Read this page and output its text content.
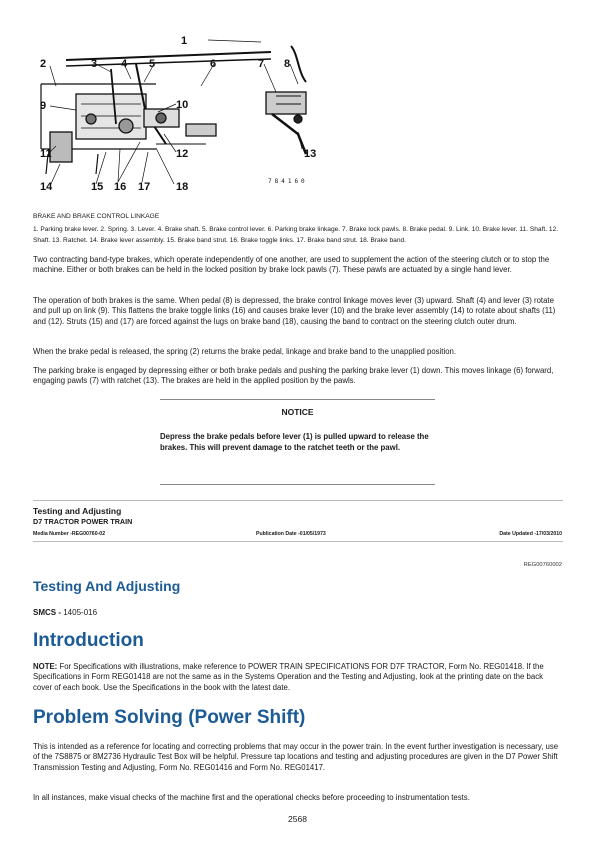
1
2	3 4 5	6	7 8
9	10
11	12	13
14	15 16 17 18	784160
BRAKE AND BRAKE CONTROL LINKAGE
1. Parking brake lever. 2. Spring. 3. Lever. 4. Brake shaft. 5. Brake control lever. 6. Parking brake linkage. 7. Brake lock pawls. 8. Brake pedal. 9. Link. 10. Brake lever. 11. Shaft. 12. Shaft. 13. Ratchet. 14. Brake lever assembly. 15. Brake band strut. 16. Brake toggle links. 17. Brake band strut. 18. Brake band.

Two contracting band-type brakes, which operate independently of one another, are used to supplement the action of the steering clutch or to stop the machine. Either or both brakes can be held in the locked position by brake lock pawls (7). These pawls are actuated by a single hand lever.

The operation of both brakes is the same. When pedal (8) is depressed, the brake control linkage moves lever (3) upward. Shaft (4) and lever (3) rotate and pull up on link (9). This flattens the brake toggle links (16) and causes brake lever (10) and the brake lever assembly (14) to rotate about shafts (11) and (12). Struts (15) and (17) are forced against the lugs on brake band (18), causing the band to contract on the steering clutch outer drum.

When the brake pedal is released, the spring (2) returns the brake pedal, linkage and brake band to the unapplied position.

The parking brake is engaged by depressing either or both brake pedals and pushing the parking brake lever (1) down. This moves linkage (6) forward, engaging pawls (7) with ratchet (13). The brakes are held in the applied position by the pawls.

NOTICE
Depress the brake pedals before lever (1) is pulled upward to release the brakes. This will prevent damage to the ratchet teeth or the pawl.
Testing and Adjusting
D7 TRACTOR POWER TRAIN
Media Number -REG00760-02	Publication Date -01/05/1973	Date Updated -17/03/2010
REG00760002
Testing And Adjusting
SMCS - 1405-016
Introduction

NOTE: For Specifications with illustrations, make reference to POWER TRAIN SPECIFICATIONS FOR D7F TRACTOR, Form No. REG01418. If the Specifications in Form REG01418 are not the same as in the Systems Operation and the Testing and Adjusting, look at the printing date on the back cover of each book. Use the Specifications in the book with the latest date.

Problem Solving (Power Shift)

This is intended as a reference for locating and correcting problems that may occur in the power train. In the event further investigation is necessary, use of the 7S8875 or 8M2736 Hydraulic Test Box will be helpful. Pressure tap locations and testing and adjusting procedures are given in the D7 Power Shift Transmission Testing and Adjusting, Form No. REG01416 and Form No. REG01417.

In all instances, make visual checks of the machine first and the operational checks before proceeding to instrumentation tests.

2568
